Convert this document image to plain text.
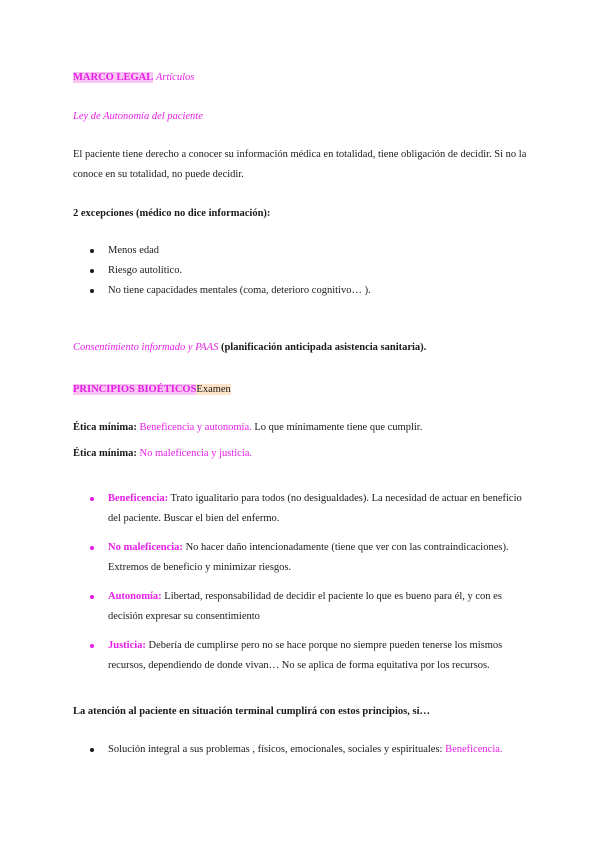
MARCO LEGAL Artículos
Ley de Autonomía del paciente
El paciente tiene derecho a conocer su información médica en totalidad, tiene obligación de decidir. Si no la conoce en su totalidad, no puede decidir.
2 excepciones (médico no dice información):
Menos edad
Riesgo autolítico.
No tiene capacidades mentales (coma, deterioro cognitivo… ).
Consentimiento informado y PAAS (planificación anticipada asistencia sanitaria).
PRINCIPIOS BIOÉTICOSExamen
Ética mínima: Beneficencia y autonomía. Lo que mínimamente tiene que cumplir.
Ética mínima: No maleficencia y justicia.
Beneficencia: Trato igualitario para todos (no desigualdades). La necesidad de actuar en beneficio del paciente. Buscar el bien del enfermo.
No maleficencia: No hacer daño intencionadamente (tiene que ver con las contraindicaciones). Extremos de beneficio y minimizar riesgos.
Autonomía: Libertad, responsabilidad de decidir el paciente lo que es bueno para él, y con es decisión expresar su consentimiento
Justicia: Debería de cumplirse pero no se hace porque no siempre pueden tenerse los mismos recursos, dependiendo de donde vivan… No se aplica de forma equitativa por los recursos.
La atención al paciente en situación terminal cumplirá con estos principios, si…
Solución integral a sus problemas , físicos, emocionales, sociales y espirituales: Beneficencia.
